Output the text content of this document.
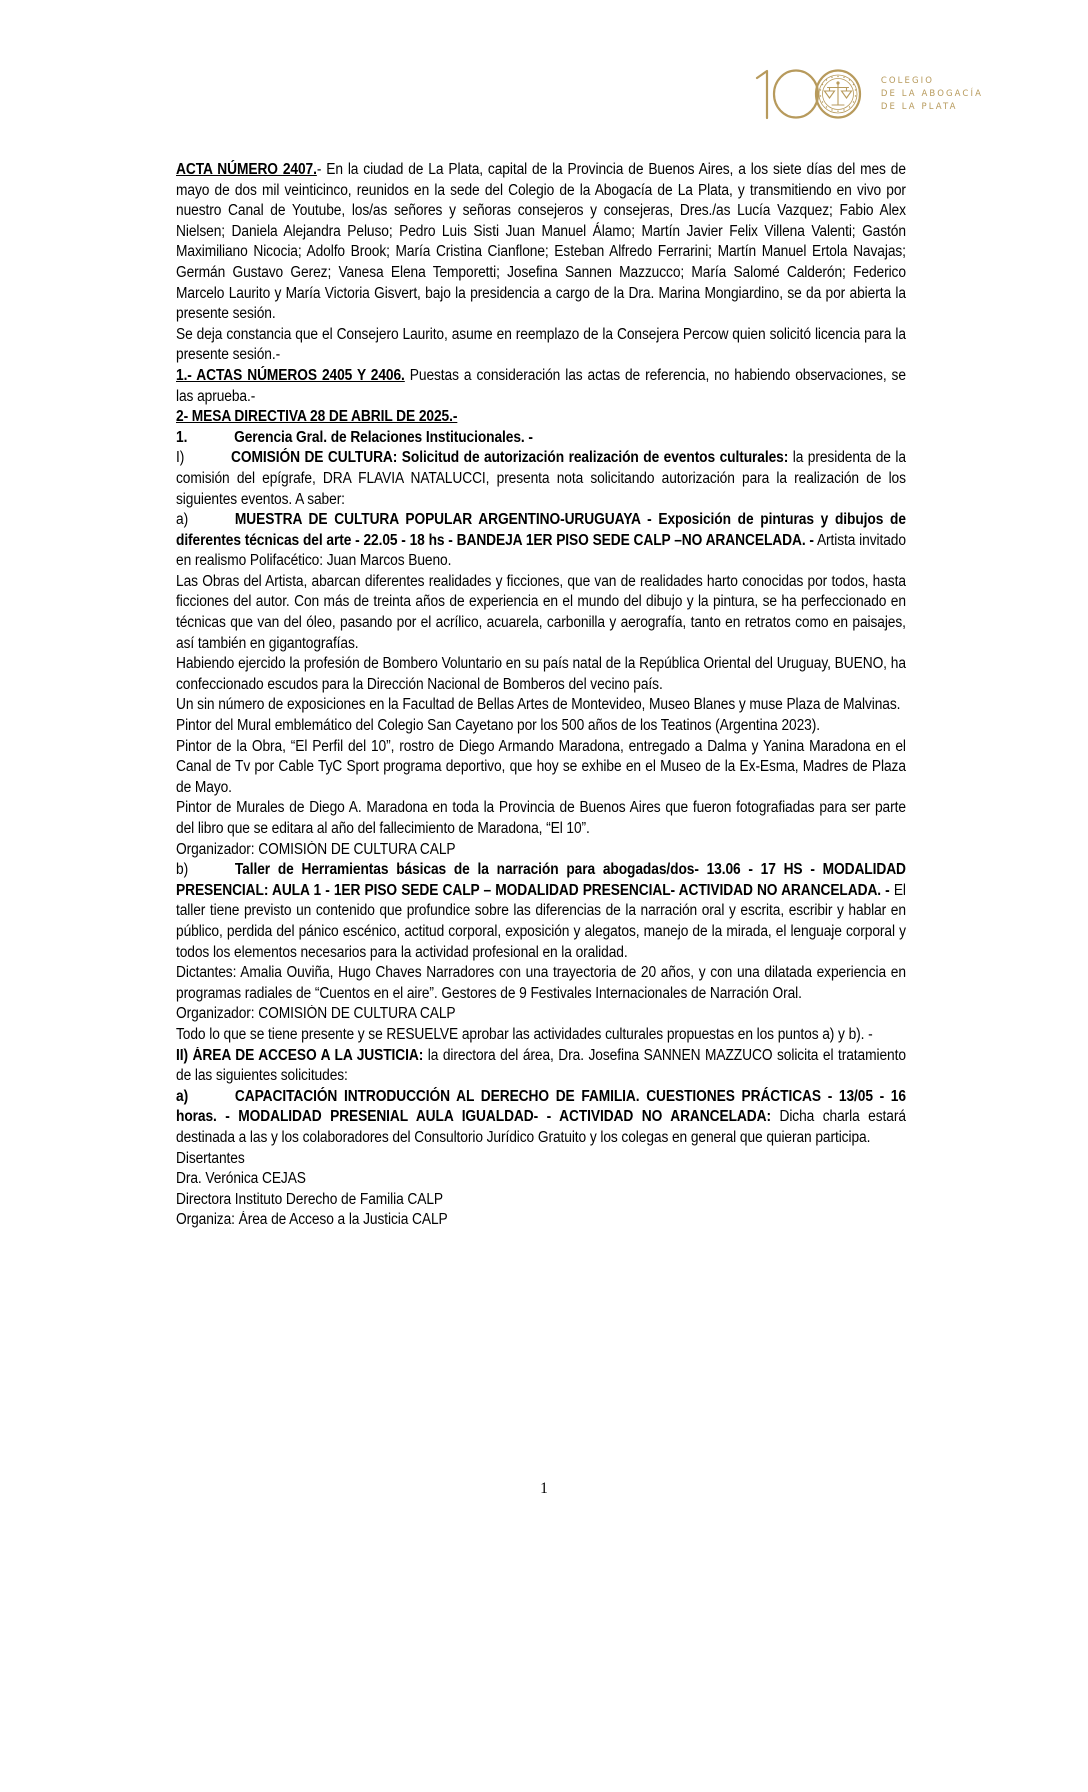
COLEGIO
DE LA ABOGACÍA
DE LA PLATA

ACTA NÚMERO 2407.- En la ciudad de La Plata, capital de la Provincia de Buenos Aires, a los siete días del mes de mayo de dos mil veinticinco, reunidos en la sede del Colegio de la Abogacía de La Plata, y transmitiendo en vivo por nuestro Canal de Youtube, los/as señores y señoras consejeros y consejeras, Dres./as Lucía Vazquez; Fabio Alex Nielsen; Daniela Alejandra Peluso; Pedro Luis Sisti Juan Manuel Álamo; Martín Javier Felix Villena Valenti; Gastón Maximiliano Nicocia; Adolfo Brook; María Cristina Cianflone; Esteban Alfredo Ferrarini; Martín Manuel Ertola Navajas; Germán Gustavo Gerez; Vanesa Elena Temporetti; Josefina Sannen Mazzucco; María Salomé Calderón; Federico Marcelo Laurito y María Victoria Gisvert, bajo la presidencia a cargo de la Dra. Marina Mongiardino, se da por abierta la presente sesión.

Se deja constancia que el Consejero Laurito, asume en reemplazo de la Consejera Percow quien solicitó licencia para la presente sesión.-

1.- ACTAS NÚMEROS 2405 Y 2406. Puestas a consideración las actas de referencia, no habiendo observaciones, se las aprueba.-

2- MESA DIRECTIVA 28 DE ABRIL DE 2025.-

1.	Gerencia Gral. de Relaciones Institucionales. -

I)	COMISIÓN DE CULTURA: Solicitud de autorización realización de eventos culturales: la presidenta de la comisión del epígrafe, DRA FLAVIA NATALUCCI, presenta nota solicitando autorización para la realización de los siguientes eventos. A saber:

a)	MUESTRA DE CULTURA POPULAR ARGENTINO-URUGUAYA - Exposición de pinturas y dibujos de diferentes técnicas del arte - 22.05 - 18 hs - BANDEJA 1ER PISO SEDE CALP –NO ARANCELADA. - Artista invitado en realismo Polifacético: Juan Marcos Bueno.

Las Obras del Artista, abarcan diferentes realidades y ficciones, que van de realidades harto conocidas por todos, hasta ficciones del autor. Con más de treinta años de experiencia en el mundo del dibujo y la pintura, se ha perfeccionado en técnicas que van del óleo, pasando por el acrílico, acuarela, carbonilla y aerografía, tanto en retratos como en paisajes, así también en gigantografías.

Habiendo ejercido la profesión de Bombero Voluntario en su país natal de la República Oriental del Uruguay, BUENO, ha confeccionado escudos para la Dirección Nacional de Bomberos del vecino país.

Un sin número de exposiciones en la Facultad de Bellas Artes de Montevideo, Museo Blanes y muse Plaza de Malvinas.

Pintor del Mural emblemático del Colegio San Cayetano por los 500 años de los Teatinos (Argentina 2023).

Pintor de la Obra, “El Perfil del 10”, rostro de Diego Armando Maradona, entregado a Dalma y Yanina Maradona en el Canal de Tv por Cable TyC Sport programa deportivo, que hoy se exhibe en el Museo de la Ex-Esma, Madres de Plaza de Mayo.

Pintor de Murales de Diego A. Maradona en toda la Provincia de Buenos Aires que fueron fotografiadas para ser parte del libro que se editara al año del fallecimiento de Maradona, “El 10”.

Organizador: COMISIÓN DE CULTURA CALP

b)	Taller de Herramientas básicas de la narración para abogadas/dos- 13.06 - 17 HS - MODALIDAD PRESENCIAL: AULA 1 - 1ER PISO SEDE CALP – MODALIDAD PRESENCIAL- ACTIVIDAD NO ARANCELADA. - El taller tiene previsto un contenido que profundice sobre las diferencias de la narración oral y escrita, escribir y hablar en público, perdida del pánico escénico, actitud corporal, exposición y alegatos, manejo de la mirada, el lenguaje corporal y todos los elementos necesarios para la actividad profesional en la oralidad.

Dictantes: Amalia Ouviña, Hugo Chaves Narradores con una trayectoria de 20 años, y con una dilatada experiencia en programas radiales de “Cuentos en el aire”. Gestores de 9 Festivales Internacionales de Narración Oral.

Organizador: COMISIÓN DE CULTURA CALP

Todo lo que se tiene presente y se RESUELVE aprobar las actividades culturales propuestas en los puntos a) y b). -

II) ÁREA DE ACCESO A LA JUSTICIA: la directora del área, Dra. Josefina SANNEN MAZZUCO solicita el tratamiento de las siguientes solicitudes:

a)	CAPACITACIÓN INTRODUCCIÓN AL DERECHO DE FAMILIA. CUESTIONES PRÁCTICAS - 13/05 - 16 horas. - MODALIDAD PRESENIAL AULA IGUALDAD- - ACTIVIDAD NO ARANCELADA: Dicha charla estará destinada a las y los colaboradores del Consultorio Jurídico Gratuito y los colegas en general que quieran participa.

Disertantes

Dra. Verónica CEJAS

Directora Instituto Derecho de Familia CALP

Organiza: Área de Acceso a la Justicia CALP

1
